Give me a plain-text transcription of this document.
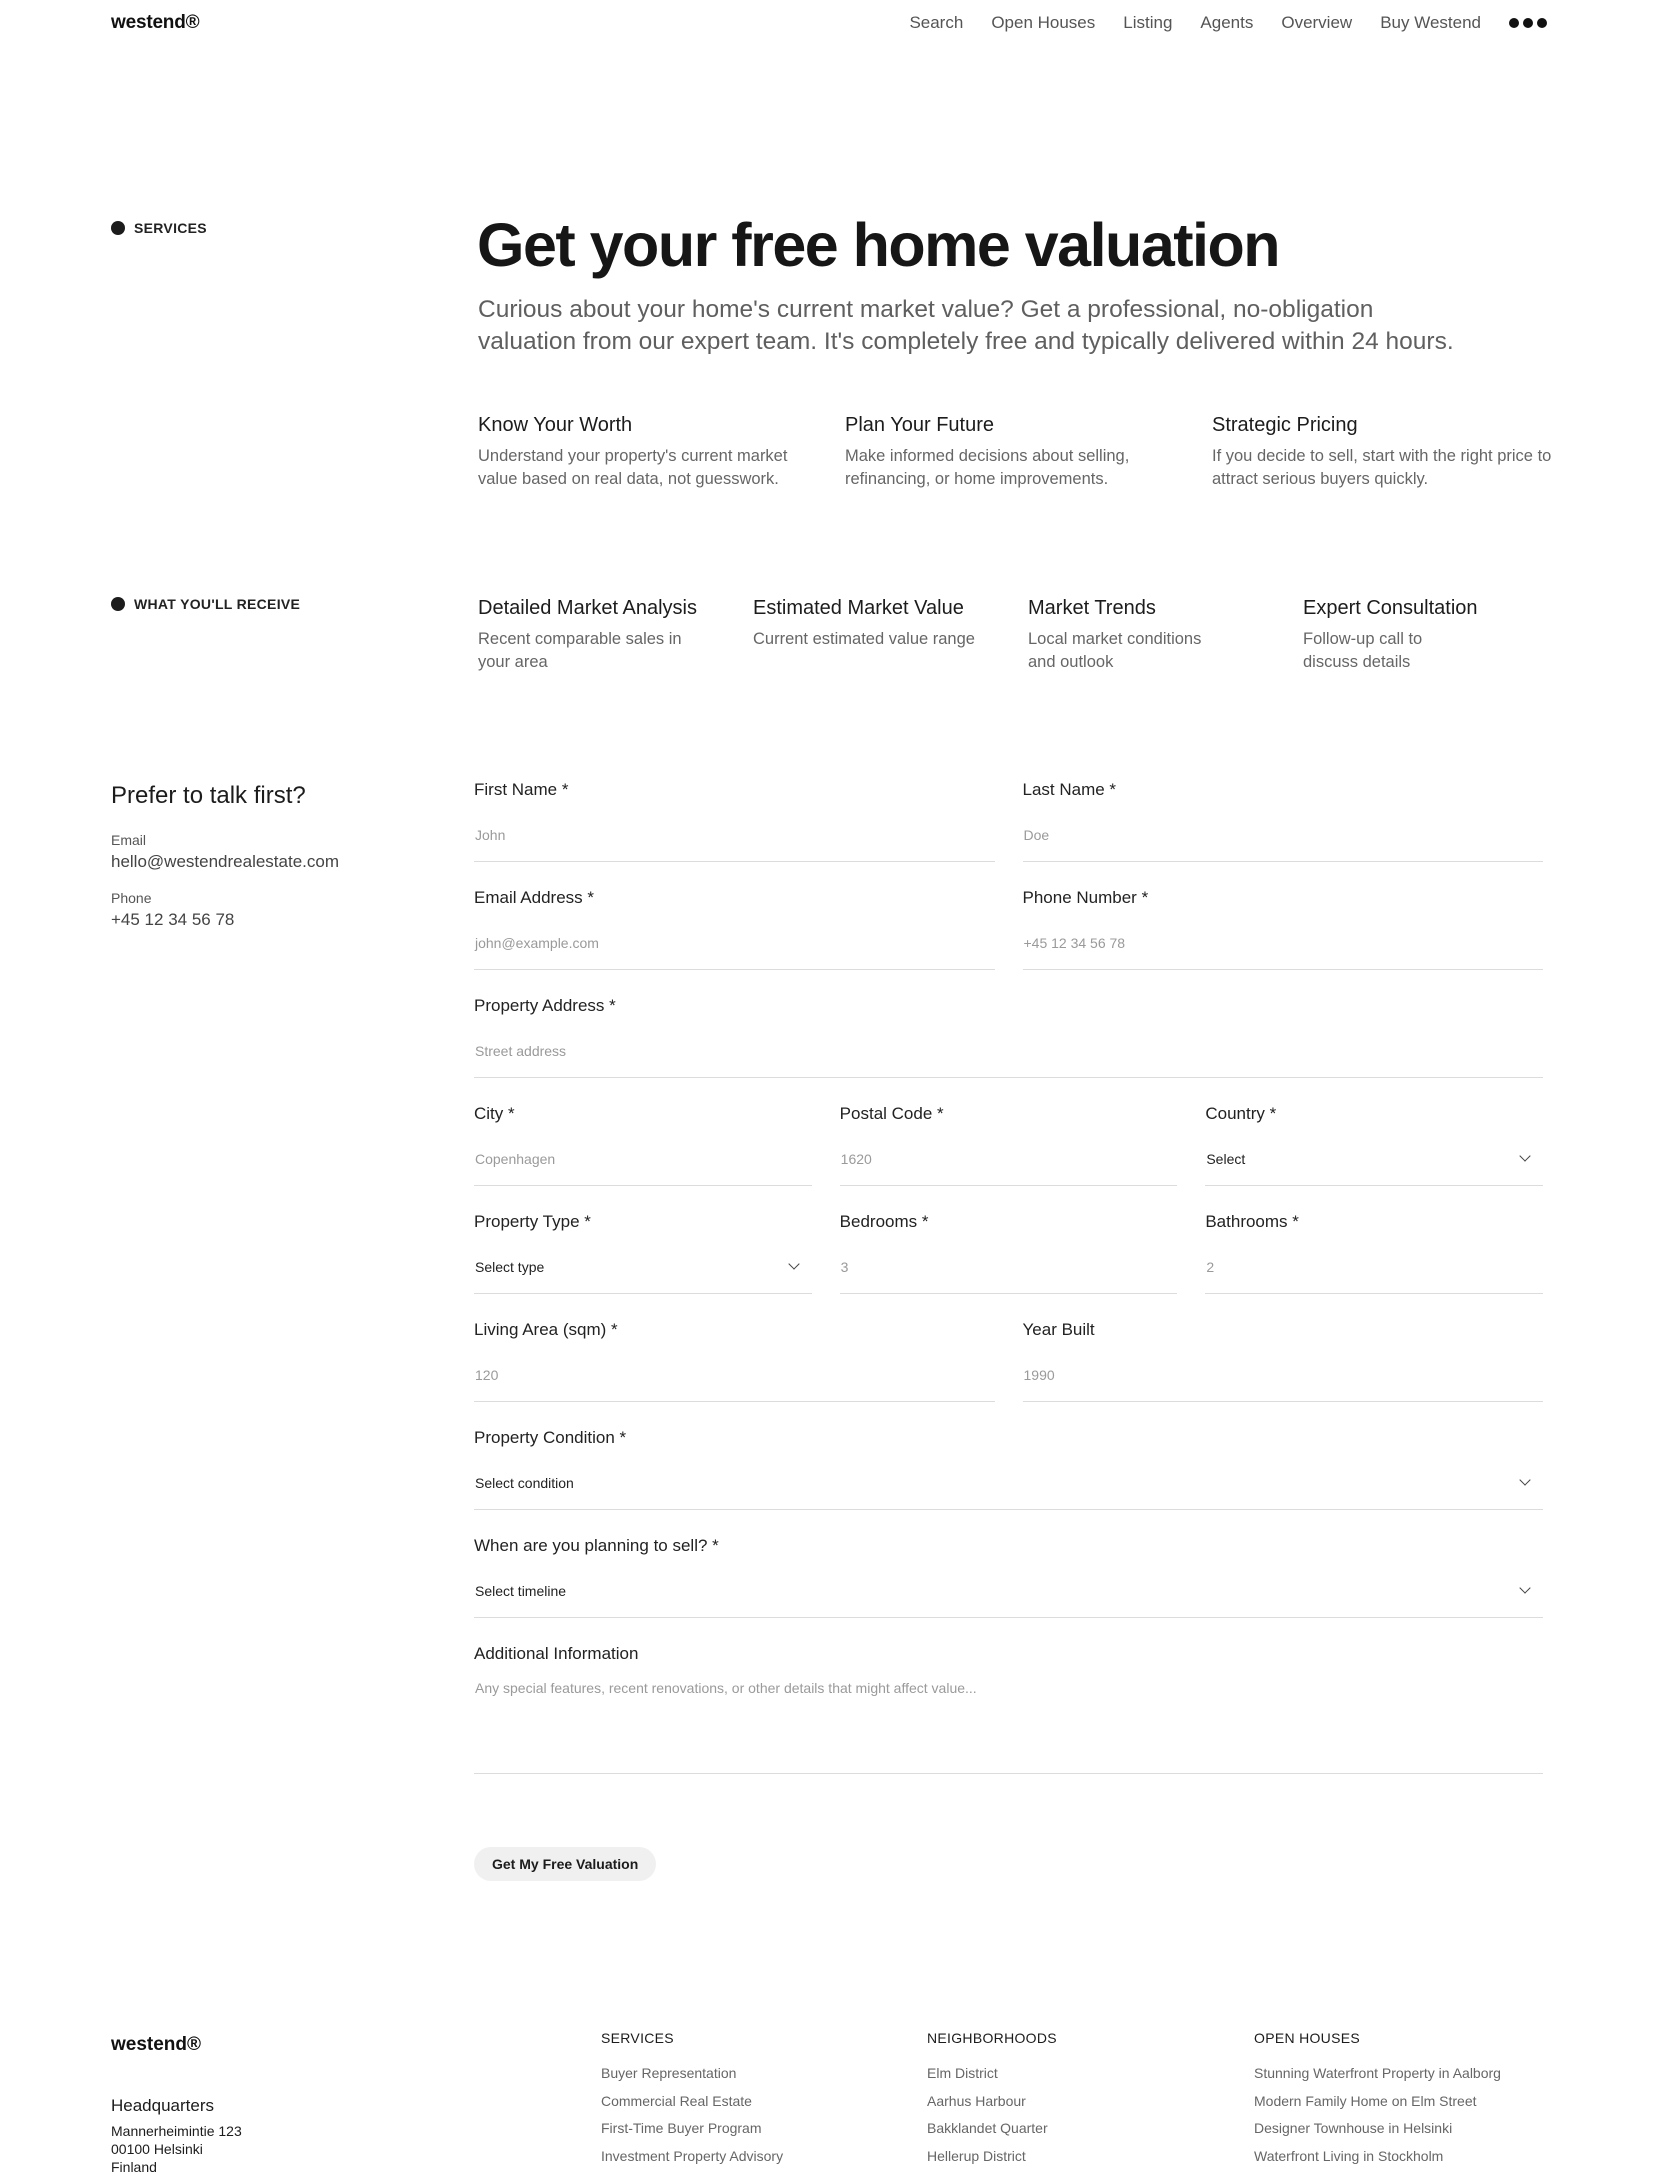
westend®	Search Open Houses Listing Agents Overview Buy Westend
SERVICES	Get your free home valuation

Curious about your home's current market value? Get a professional, no-obligation valuation from our expert team. It's completely free and typically delivered within 24 hours.

Know Your Worth

Understand your property's current market value based on real data, not guesswork.

Plan Your Future

Make informed decisions about selling, refinancing, or home improvements.

Strategic Pricing

If you decide to sell, start with the right price to attract serious buyers quickly.

WHAT YOU'LL RECEIVE	Detailed Market Analysis

Recent comparable sales in your area

Estimated Market Value

Current estimated value range

Market Trends

Local market conditions and outlook

Expert Consultation

Follow-up call to discuss details

Prefer to talk first?
Email
hello@westendrealestate.com
Phone
+45 12 34 56 78
First Name *
John
Last Name *
Doe
Email Address *
john@example.com
Phone Number *
+45 12 34 56 78
Property Address *
Street address
City *
Copenhagen
Postal Code *
1620
Country *
Select
Property Type *
Select type
Bedrooms *
3
Bathrooms *
2
Living Area (sqm) *
120
Year Built
1990
Property Condition *
Select condition
When are you planning to sell? *
Select timeline
Additional Information
Any special features, recent renovations, or other details that might affect value...
Get My Free Valuation
westend®
Headquarters

Mannerheimintie 123

00100 Helsinki

Finland

SERVICES
Buyer Representation
Commercial Real Estate
First-Time Buyer Program
Investment Property Advisory
NEIGHBORHOODS
Elm District
Aarhus Harbour
Bakklandet Quarter
Hellerup District
OPEN HOUSES
Stunning Waterfront Property in Aalborg
Modern Family Home on Elm Street
Designer Townhouse in Helsinki
Waterfront Living in Stockholm
